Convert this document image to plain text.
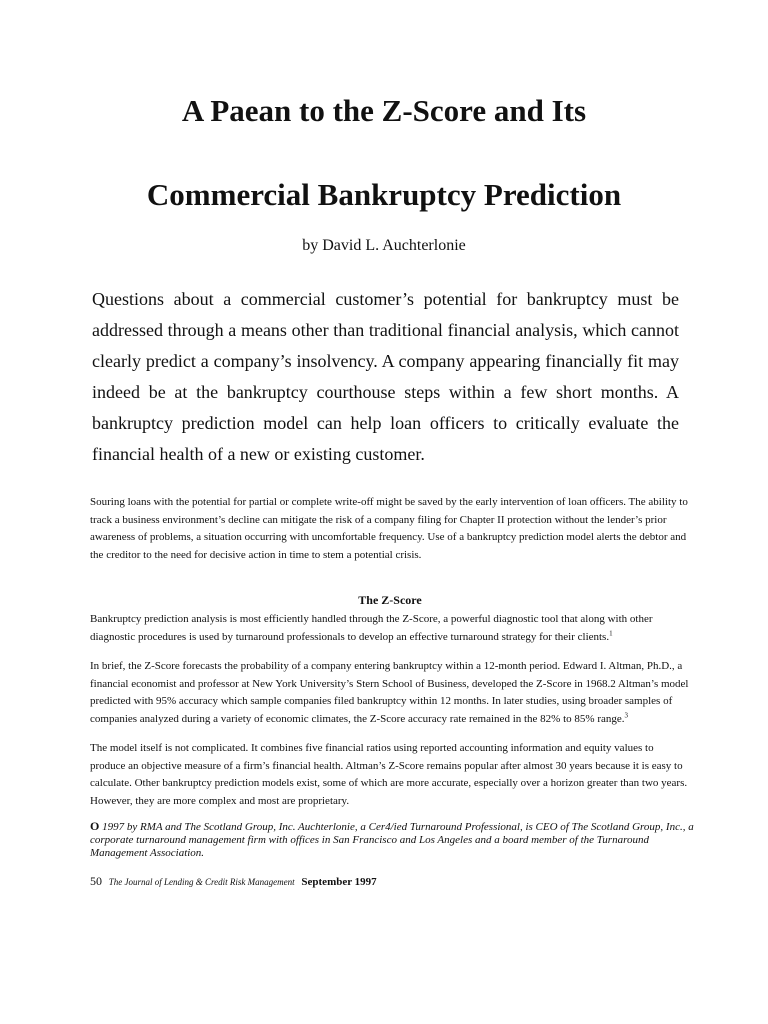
A Paean to the Z-Score and Its
Commercial Bankruptcy Prediction
by David L. Auchterlonie

Questions about a commercial customer’s potential for bankruptcy must be addressed through a means other than traditional financial analysis, which cannot clearly predict a company’s insolvency. A company appearing financially fit may indeed be at the bankruptcy courthouse steps within a few short months. A bankruptcy prediction model can help loan officers to critically evaluate the financial health of a new or existing customer.

Souring loans with the potential for partial or complete write-off might be saved by the early intervention of loan officers. The ability to track a business environment’s decline can mitigate the risk of a company filing for Chapter II protection without the lender’s prior awareness of problems, a situation occurring with uncomfortable frequency. Use of a bankruptcy prediction model alerts the debtor and the creditor to the need for decisive action in time to stem a potential crisis.

The Z-Score

Bankruptcy prediction analysis is most efficiently handled through the Z-Score, a powerful diagnostic tool that along with other diagnostic procedures is used by turnaround professionals to develop an effective turnaround strategy for their clients.$^1$

In brief, the Z-Score forecasts the probability of a company entering bankruptcy within a 12-month period. Edward I. Altman, Ph.D., a financial economist and professor at New York University’s Stern School of Business, developed the Z-Score in 1968.2 Altman’s model predicted with 95% accuracy which sample companies filed bankruptcy within 12 months. In later studies, using broader samples of companies analyzed during a variety of economic climates, the Z-Score accuracy rate remained in the 82% to 85% range.$^3$

The model itself is not complicated. It combines five financial ratios using reported accounting information and equity values to produce an objective measure of a firm’s financial health. Altman’s Z-Score remains popular after almost 30 years because it is easy to calculate. Other bankruptcy prediction models exist, some of which are more accurate, especially over a horizon greater than two years. However, they are more complex and most are proprietary.

O 1997 by RMA and The Scotland Group, Inc. Auchterlonie, a Cer4/ied Turnaround Professional, is CEO of The Scotland Group, Inc., a corporate turnaround management firm with offices in San Francisco and Los Angeles and a board member of the Turnaround Management Association.

50 The Journal of Lending & Credit Risk Management September 1997
